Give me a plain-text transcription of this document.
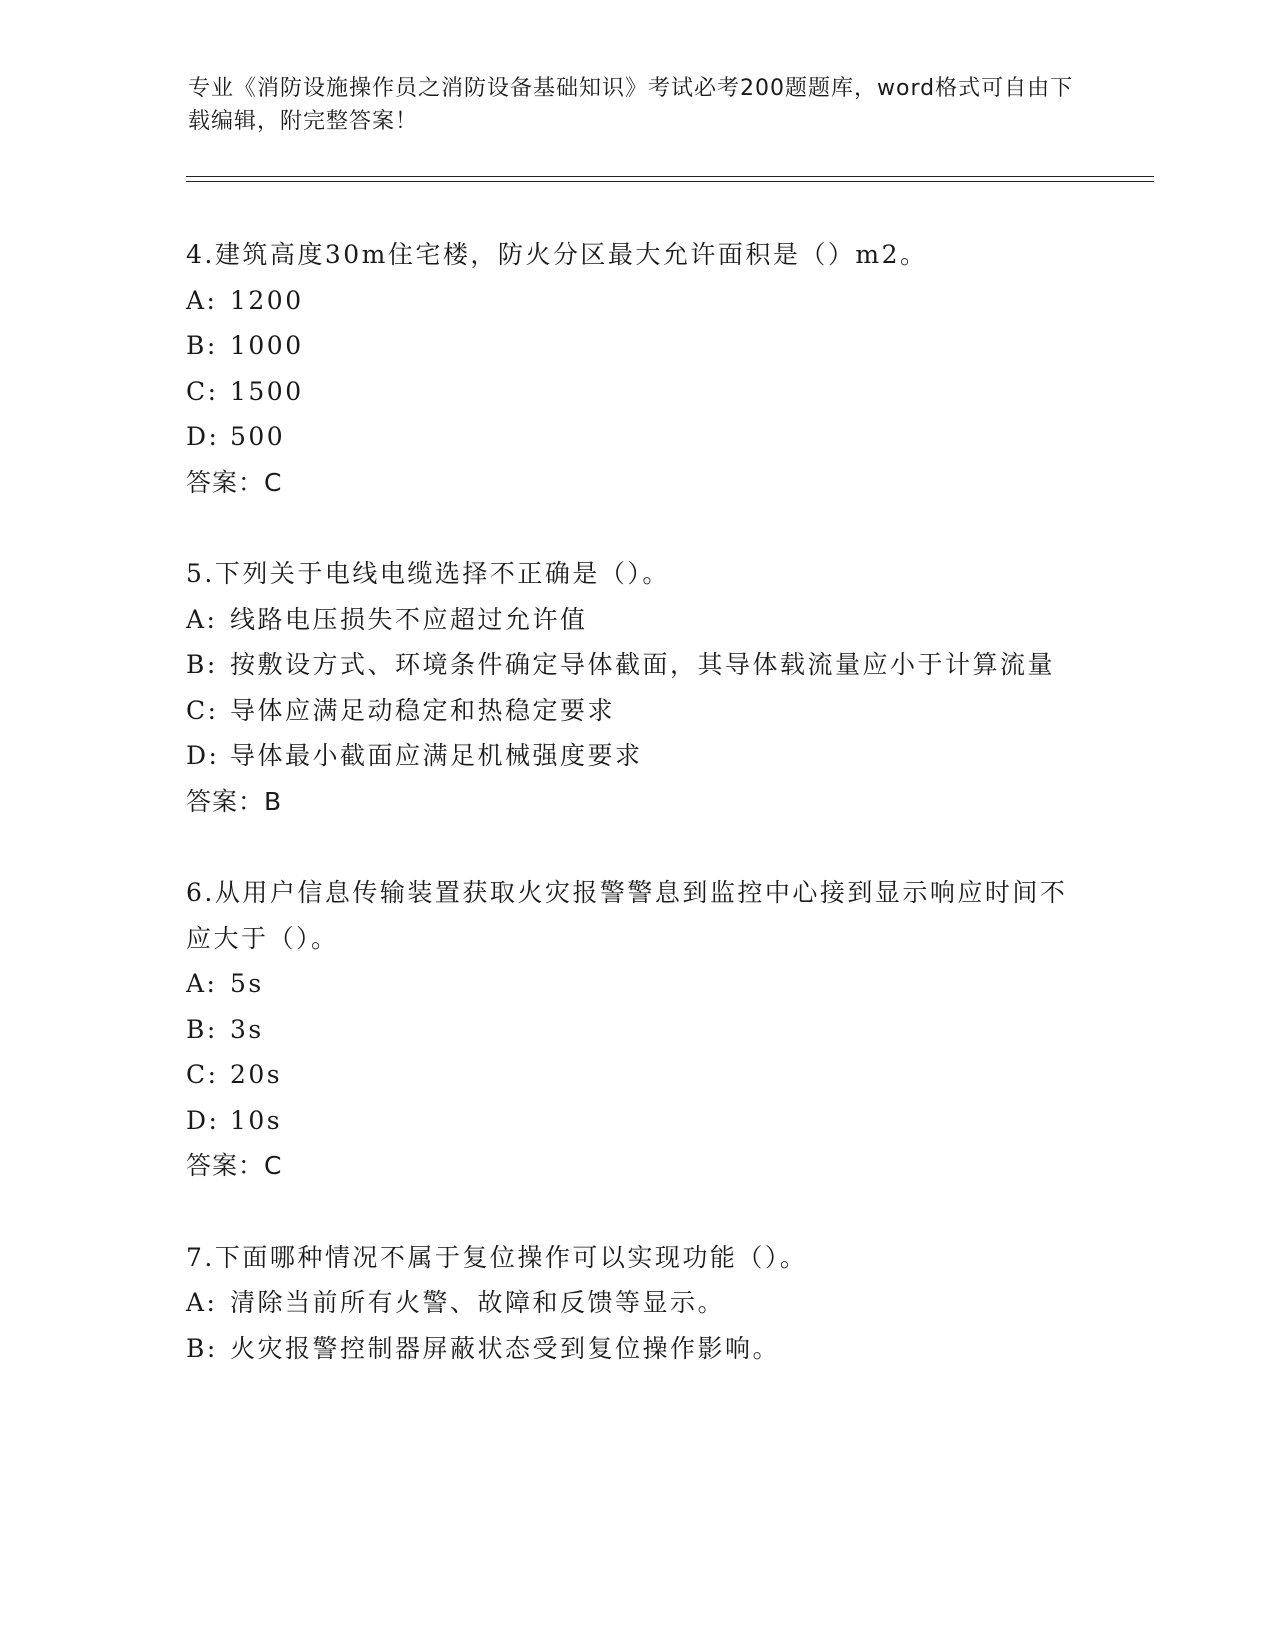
专业《消防设施操作员之消防设备基础知识》考试必考200题题库，word格式可自由下载编辑，附完整答案！

4.建筑高度30m住宅楼，防火分区最大允许面积是（）m2。

A: 1200

B: 1000

C: 1500

D: 500

答案：C

5.下列关于电线电缆选择不正确是（）。

A: 线路电压损失不应超过允许值

B: 按敷设方式、环境条件确定导体截面，其导体载流量应小于计算流量

C: 导体应满足动稳定和热稳定要求

D: 导体最小截面应满足机械强度要求

答案：B

6.从用户信息传输装置获取火灾报警警息到监控中心接到显示响应时间不应大于（）。

A: 5s

B: 3s

C: 20s

D: 10s

答案：C

7.下面哪种情况不属于复位操作可以实现功能（）。

A: 清除当前所有火警、故障和反馈等显示。

B: 火灾报警控制器屏蔽状态受到复位操作影响。
